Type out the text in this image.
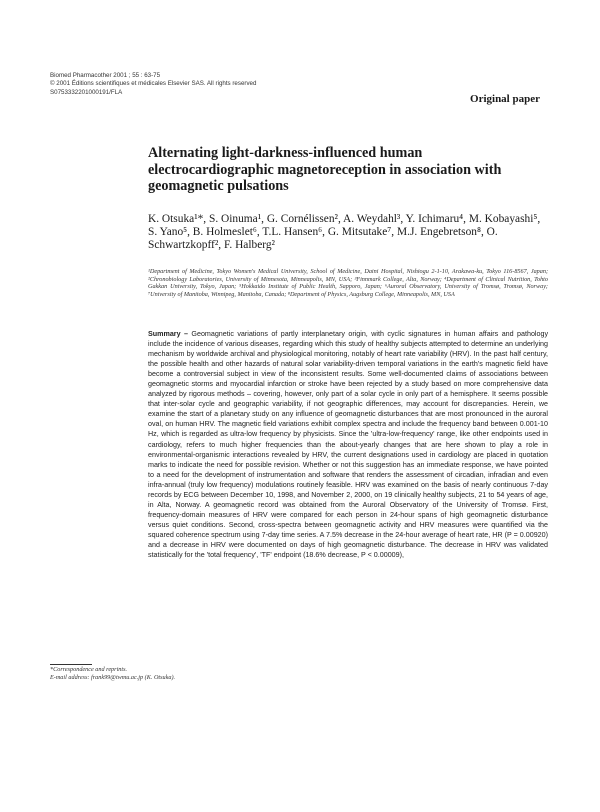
Biomed Pharmacother 2001 ; 55 : 63-75
© 2001 Éditions scientifiques et médicales Elsevier SAS. All rights reserved
S0753332201000191/FLA
Original paper
Alternating light-darkness-influenced human electrocardiographic magnetoreception in association with geomagnetic pulsations
K. Otsuka¹*, S. Oinuma¹, G. Cornélissen², A. Weydahl³, Y. Ichimaru⁴, M. Kobayashi⁵, S. Yano⁵, B. Holmeslet⁶, T.L. Hansen⁶, G. Mitsutake⁷, M.J. Engebretson⁸, O. Schwartzkopff², F. Halberg²
¹Department of Medicine, Tokyo Women's Medical University, School of Medicine, Daini Hospital, Nishiogu 2-1-10, Arakawa-ku, Tokyo 116-8567, Japan; ²Chronobiology Laboratories, University of Minnesota, Minneapolis, MN, USA; ³Finnmark College, Alta, Norway; ⁴Department of Clinical Nutrition, Tohto Gakkan University, Tokyo, Japan; ⁵Hokkaido Institute of Public Health, Sapporo, Japan; ⁶Auroral Observatory, University of Tromsø, Tromsø, Norway; ⁷University of Manitoba, Winnipeg, Manitoba, Canada; ⁸Department of Physics, Augsburg College, Minneapolis, MN, USA
Summary – Geomagnetic variations of partly interplanetary origin, with cyclic signatures in human affairs and pathology include the incidence of various diseases, regarding which this study of healthy subjects attempted to determine an underlying mechanism by worldwide archival and physiological monitoring, notably of heart rate variability (HRV). In the past half century, the possible health and other hazards of natural solar variability-driven temporal variations in the earth's magnetic field have become a controversial subject in view of the inconsistent results. Some well-documented claims of associations between geomagnetic storms and myocardial infarction or stroke have been rejected by a study based on more comprehensive data analyzed by rigorous methods – covering, however, only part of a solar cycle in only part of a hemisphere. It seems possible that inter-solar cycle and geographic variability, if not geographic differences, may account for discrepancies. Herein, we examine the start of a planetary study on any influence of geomagnetic disturbances that are most pronounced in the auroral oval, on human HRV. The magnetic field variations exhibit complex spectra and include the frequency band between 0.001-10 Hz, which is regarded as ultra-low frequency by physicists. Since the 'ultra-low-frequency' range, like other endpoints used in cardiology, refers to much higher frequencies than the about-yearly changes that are here shown to play a role in environmental-organismic interactions revealed by HRV, the current designations used in cardiology are placed in quotation marks to indicate the need for possible revision. Whether or not this suggestion has an immediate response, we have pointed to a need for the development of instrumentation and software that renders the assessment of circadian, infradian and even infra-annual (truly low frequency) modulations routinely feasible. HRV was examined on the basis of nearly continuous 7-day records by ECG between December 10, 1998, and November 2, 2000, on 19 clinically healthy subjects, 21 to 54 years of age, in Alta, Norway. A geomagnetic record was obtained from the Auroral Observatory of the University of Tromsø. First, frequency-domain measures of HRV were compared for each person in 24-hour spans of high geomagnetic disturbance versus quiet conditions. Second, cross-spectra between geomagnetic activity and HRV measures were quantified via the squared coherence spectrum using 7-day time series. A 7.5% decrease in the 24-hour average of heart rate, HR (P = 0.00920) and a decrease in HRV were documented on days of high geomagnetic disturbance. The decrease in HRV was validated statistically for the 'total frequency', 'TF' endpoint (18.6% decrease, P < 0.00009),
*Correspondence and reprints.
E-mail address: frank99@twmu.ac.jp (K. Otsuka).
